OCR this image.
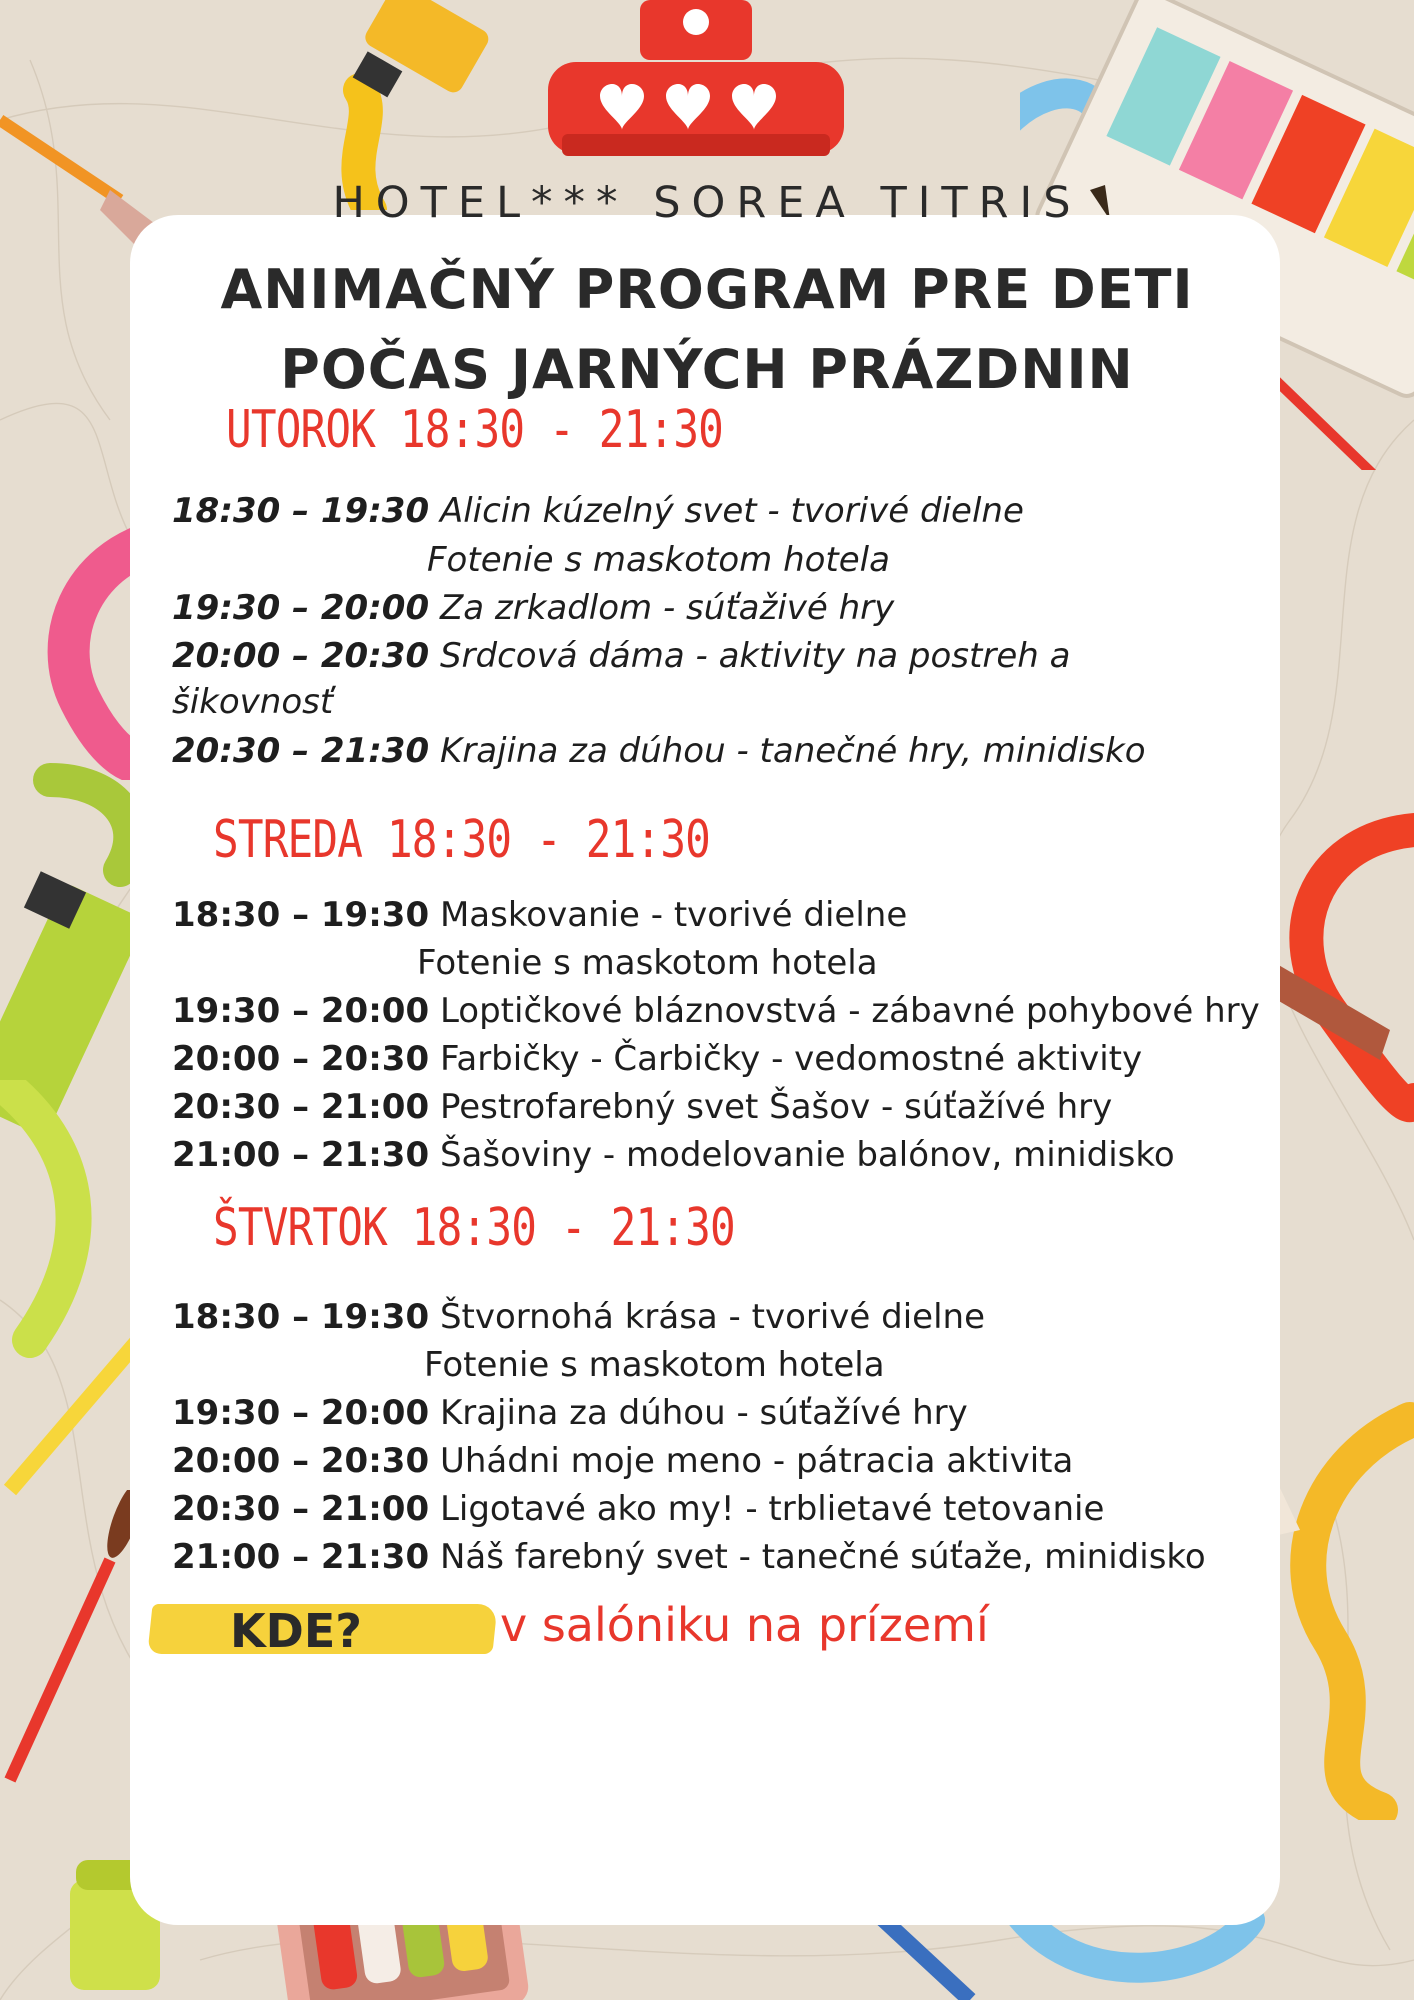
HOTEL*** SOREA TITRIS
ANIMAČNÝ PROGRAM PRE DETI
POČAS JARNÝCH PRÁZDNIN
UTOROK 18:30 - 21:30
18:30 – 19:30 Alicin kúzelný svet - tvorivé dielne
Fotenie s maskotom hotela
19:30 – 20:00 Za zrkadlom - súťaživé hry
20:00 – 20:30 Srdcová dáma - aktivity na postreh a
šikovnosť
20:30 – 21:30 Krajina za dúhou - tanečné hry, minidisko
STREDA 18:30 - 21:30
18:30 – 19:30 Maskovanie - tvorivé dielne
Fotenie s maskotom hotela
19:30 – 20:00 Loptičkové bláznovstvá - zábavné pohybové hry
20:00 – 20:30 Farbičky - Čarbičky - vedomostné aktivity
20:30 – 21:00 Pestrofarebný svet Šašov - súťažívé hry
21:00 – 21:30 Šašoviny - modelovanie balónov, minidisko
ŠTVRTOK 18:30 - 21:30
18:30 – 19:30 Štvornohá krása - tvorivé dielne
Fotenie s maskotom hotela
19:30 – 20:00 Krajina za dúhou - súťažívé hry
20:00 – 20:30 Uhádni moje meno - pátracia aktivita
20:30 – 21:00 Ligotavé ako my! - trblietavé tetovanie
21:00 – 21:30 Náš farebný svet - tanečné súťaže, minidisko
KDE?	v salóniku na prízemí
